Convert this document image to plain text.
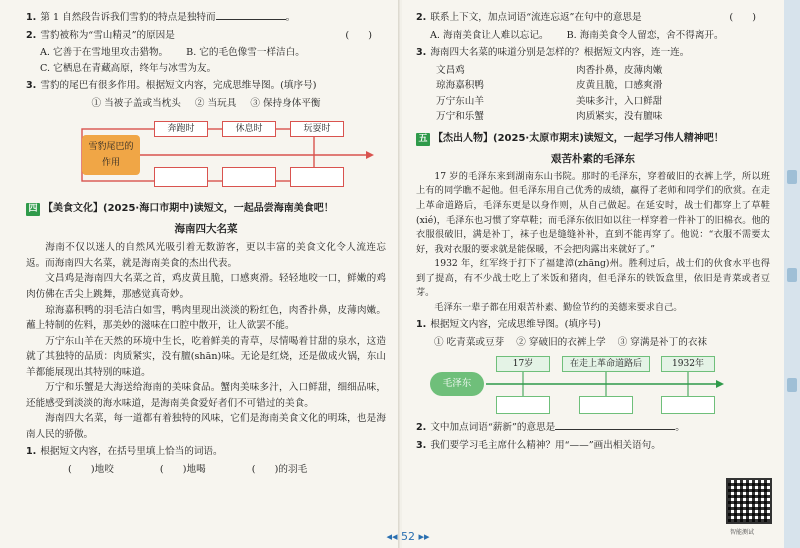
1. 第 1 自然段告诉我们雪豹的特点是独特而	。
2. 雪豹被称为“雪山精灵”的原因是	(　　)
A. 它善于在雪地里攻击猎物。 B. 它的毛色像雪一样洁白。
C. 它栖息在青藏高原，终年与冰雪为友。
3. 雪豹的尾巴有很多作用。根据短文内容，完成思维导图。(填序号)
① 当被子盖或当枕头 ② 当玩具 ③ 保持身体平衡
雪豹尾巴的作用
奔跑时	休息时	玩耍时
四 【美食文化】(2025·海口市期中)读短文，一起品尝海南美食吧！
海南四大名菜

海南不仅以迷人的自然风光吸引着无数游客，更以丰富的美食文化令人流连忘返。而海南四大名菜，就是海南美食的杰出代表。

文昌鸡是海南四大名菜之首，鸡皮黄且脆，口感爽滑。轻轻地咬一口，鲜嫩的鸡肉仿佛在舌尖上跳舞，那感觉真奇妙。

琼海嘉积鸭的羽毛洁白如雪，鸭肉里现出淡淡的粉红色，肉香扑鼻，皮薄肉嫩。蘸上特制的佐料，那美妙的滋味在口腔中散开，让人欲罢不能。

万宁东山羊在天然的环境中生长，吃着鲜美的青草，尽情喝着甘甜的泉水，这造就了其独特的品质：肉质紧实，没有膻(shān)味。无论是红烧，还是做成火锅，东山羊都能展现出其特别的味道。

万宁和乐蟹是大海送给海南的美味食品。蟹肉美味多汁，入口鲜甜，细细品味，还能感受到淡淡的海水味道，是海南美食爱好者们不可错过的美食。

海南四大名菜，每一道都有着独特的风味，它们是海南美食文化的明珠，也是海南人民的骄傲。

1. 根据短文内容，在括号里填上恰当的词语。
(　　)地咬	(　　)地喝	(　　)的羽毛
2. 联系上下文，加点词语“流连忘返”在句中的意思是	(　　)
A. 海南美食让人难以忘记。 B. 海南美食令人留恋，舍不得离开。
3. 海南四大名菜的味道分别是怎样的？根据短文内容，连一连。
文昌鸡	肉香扑鼻，皮薄肉嫩
琼海嘉积鸭	皮黄且脆，口感爽滑
万宁东山羊	美味多汁，入口鲜甜
万宁和乐蟹	肉质紧实，没有膻味
五 【杰出人物】(2025·太原市期末)读短文，一起学习伟人精神吧！
艰苦朴素的毛泽东

17 岁的毛泽东来到湖南东山书院。那时的毛泽东，穿着破旧的衣裤上学，所以班上有的同学瞧不起他。但毛泽东用自己优秀的成绩，赢得了老师和同学们的欣赏。在走上革命道路后，毛泽东更是以身作则，从自己做起。在延安时，战士们都穿上了草鞋(xié)，毛泽东也习惯了穿草鞋；而毛泽东依旧如以往一样穿着一件补丁的旧棉衣。他的衣服很破旧，满是补丁，袜子也是缝缝补补，直到不能再穿了。他说：“衣服不需要太好，我对衣服的要求就是能保暖，不会把肉露出来就好了。”

1932 年，红军终于打下了福建漳(zhāng)州。胜利过后，战士们的伙食水平也得到了提高，有不少战士吃上了米饭和猪肉，但毛泽东的铁饭盒里，依旧是青菜或者豆芽。

毛泽东一辈子都在用艰苦朴素、勤俭节约的美德来要求自己。

1. 根据短文内容，完成思维导图。(填序号)
① 吃青菜或豆芽 ② 穿破旧的衣裤上学 ③ 穿满是补丁的衣袜
毛泽东
17岁	在走上革命道路后	1932年
2. 文中加点词语“薪新”的意思是	。
3. 我们要学习毛主席什么精神？用“——”画出相关语句。
智能测试
◂◂ 52 ▸▸
